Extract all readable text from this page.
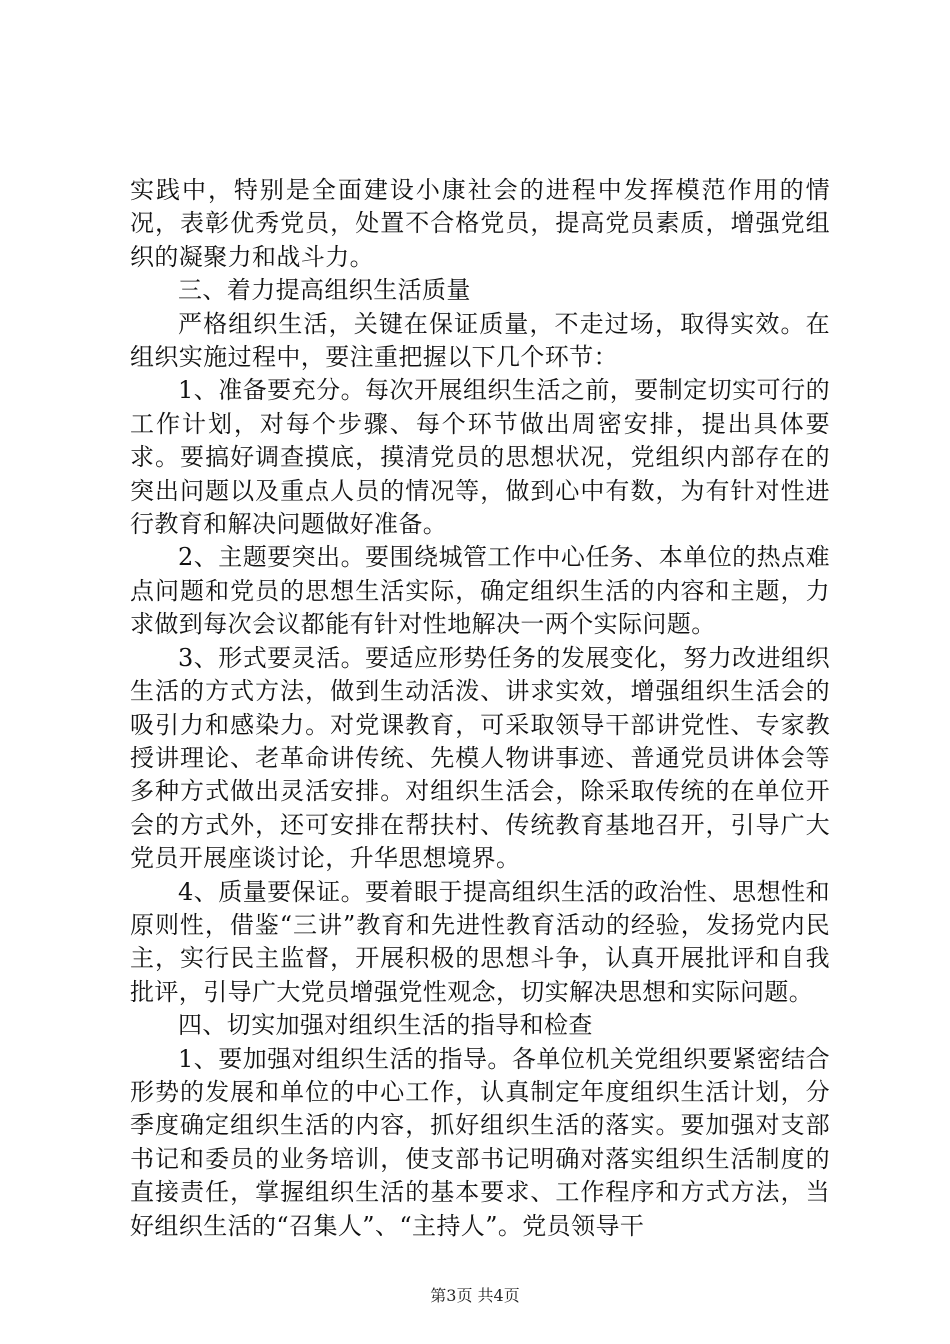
实践中，特别是全面建设小康社会的进程中发挥模范作用的情况，表彰优秀党员，处置不合格党员，提高党员素质，增强党组织的凝聚力和战斗力。

三、着力提高组织生活质量

严格组织生活，关键在保证质量，不走过场，取得实效。在组织实施过程中，要注重把握以下几个环节：

1、准备要充分。每次开展组织生活之前，要制定切实可行的工作计划，对每个步骤、每个环节做出周密安排，提出具体要求。要搞好调查摸底，摸清党员的思想状况，党组织内部存在的突出问题以及重点人员的情况等，做到心中有数，为有针对性进行教育和解决问题做好准备。

2、主题要突出。要围绕城管工作中心任务、本单位的热点难点问题和党员的思想生活实际，确定组织生活的内容和主题，力求做到每次会议都能有针对性地解决一两个实际问题。

3、形式要灵活。要适应形势任务的发展变化，努力改进组织生活的方式方法，做到生动活泼、讲求实效，增强组织生活会的吸引力和感染力。对党课教育，可采取领导干部讲党性、专家教授讲理论、老革命讲传统、先模人物讲事迹、普通党员讲体会等多种方式做出灵活安排。对组织生活会，除采取传统的在单位开会的方式外，还可安排在帮扶村、传统教育基地召开，引导广大党员开展座谈讨论，升华思想境界。

4、质量要保证。要着眼于提高组织生活的政治性、思想性和原则性，借鉴“三讲”教育和先进性教育活动的经验，发扬党内民主，实行民主监督，开展积极的思想斗争，认真开展批评和自我批评，引导广大党员增强党性观念，切实解决思想和实际问题。

四、切实加强对组织生活的指导和检查

1、要加强对组织生活的指导。各单位机关党组织要紧密结合形势的发展和单位的中心工作，认真制定年度组织生活计划，分季度确定组织生活的内容，抓好组织生活的落实。要加强对支部书记和委员的业务培训，使支部书记明确对落实组织生活制度的直接责任，掌握组织生活的基本要求、工作程序和方式方法，当好组织生活的“召集人”、“主持人”。党员领导干

第3页 共4页
